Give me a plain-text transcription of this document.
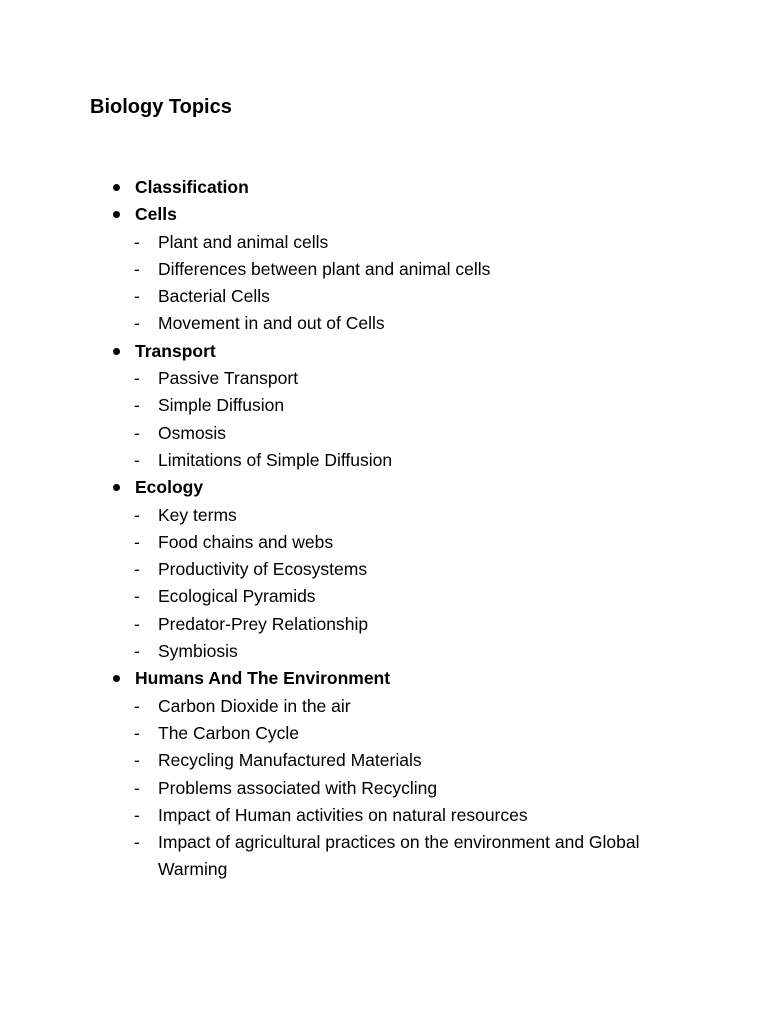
Biology Topics
Classification
Cells
- Plant and animal cells
- Differences between plant and animal cells
- Bacterial Cells
- Movement in and out of Cells
Transport
- Passive Transport
- Simple Diffusion
- Osmosis
- Limitations of Simple Diffusion
Ecology
- Key terms
- Food chains and webs
- Productivity of Ecosystems
- Ecological Pyramids
- Predator-Prey Relationship
- Symbiosis
Humans And The Environment
- Carbon Dioxide in the air
- The Carbon Cycle
- Recycling Manufactured Materials
- Problems associated with Recycling
- Impact of Human activities on natural resources
- Impact of agricultural practices on the environment and Global Warming
